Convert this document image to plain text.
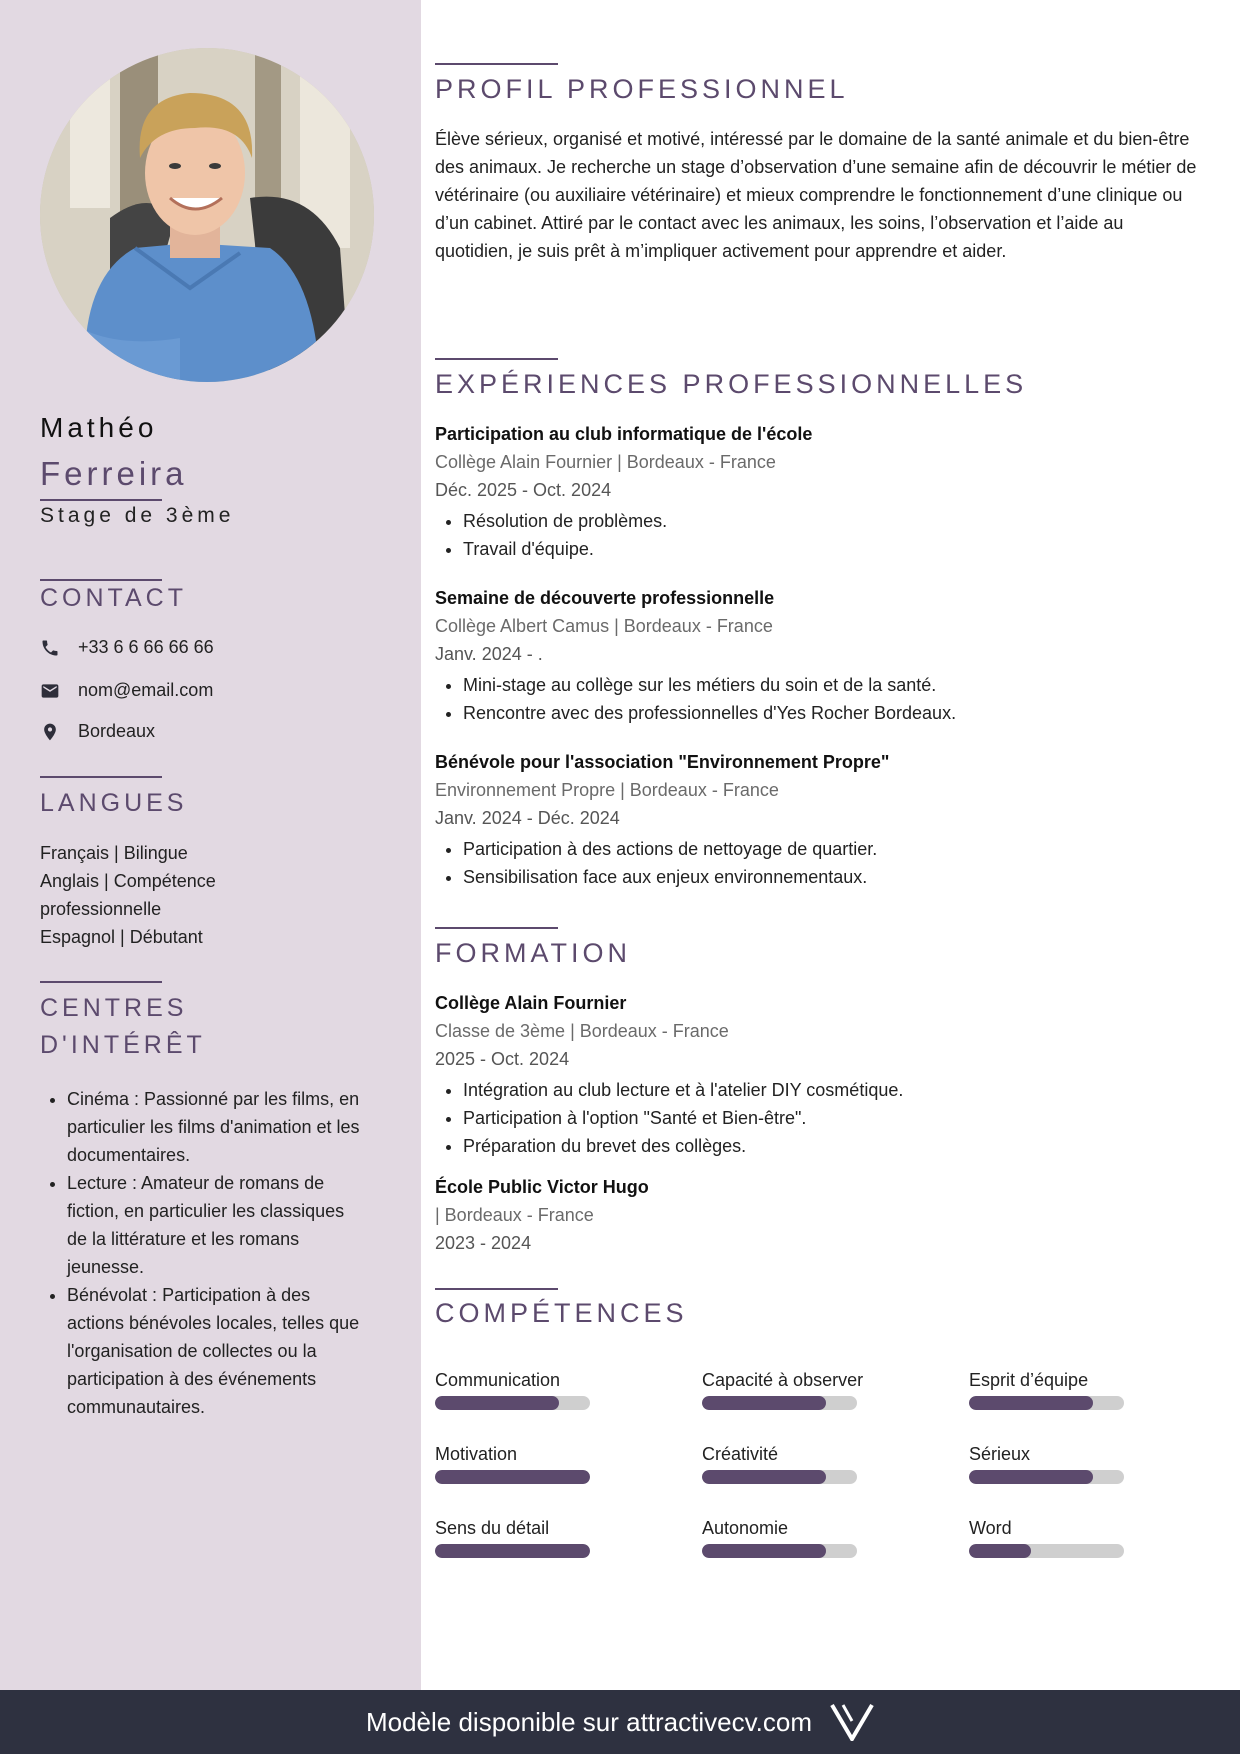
Mathéo
Ferreira
Stage de 3ème
CONTACT
+33 6 6 66 66 66
nom@email.com
Bordeaux
LANGUES
Français | Bilingue
Anglais | Compétence professionnelle
Espagnol | Débutant
CENTRES D'INTÉRÊT
• Cinéma : Passionné par les films, en particulier les films d'animation et les documentaires.
• Lecture : Amateur de romans de fiction, en particulier les classiques de la littérature et les romans jeunesse.
• Bénévolat : Participation à des actions bénévoles locales, telles que l'organisation de collectes ou la participation à des événements communautaires.
PROFIL PROFESSIONNEL
Élève sérieux, organisé et motivé, intéressé par le domaine de la santé animale et du bien-être des animaux. Je recherche un stage d’observation d’une semaine afin de découvrir le métier de vétérinaire (ou auxiliaire vétérinaire) et mieux comprendre le fonctionnement d’une clinique ou d’un cabinet. Attiré par le contact avec les animaux, les soins, l’observation et l’aide au quotidien, je suis prêt à m’impliquer activement pour apprendre et aider.
EXPÉRIENCES PROFESSIONNELLES
Participation au club informatique de l'école
Collège Alain Fournier | Bordeaux - France
Déc. 2025 - Oct. 2024
• Résolution de problèmes.
• Travail d'équipe.
Semaine de découverte professionnelle
Collège Albert Camus | Bordeaux - France
Janv. 2024 - .
• Mini-stage au collège sur les métiers du soin et de la santé.
• Rencontre avec des professionnelles d'Yes Rocher Bordeaux.
Bénévole pour l'association "Environnement Propre"
Environnement Propre | Bordeaux - France
Janv. 2024 - Déc. 2024
• Participation à des actions de nettoyage de quartier.
• Sensibilisation face aux enjeux environnementaux.
FORMATION
Collège Alain Fournier
Classe de 3ème | Bordeaux - France
2025 - Oct. 2024
• Intégration au club lecture et à l'atelier DIY cosmétique.
• Participation à l'option "Santé et Bien-être".
• Préparation du brevet des collèges.
École Public Victor Hugo
| Bordeaux - France
2023 - 2024
COMPÉTENCES
Communication	Capacité à observer	Esprit d’équipe
Motivation	Créativité	Sérieux
Sens du détail	Autonomie	Word
Modèle disponible sur attractivecv.com
